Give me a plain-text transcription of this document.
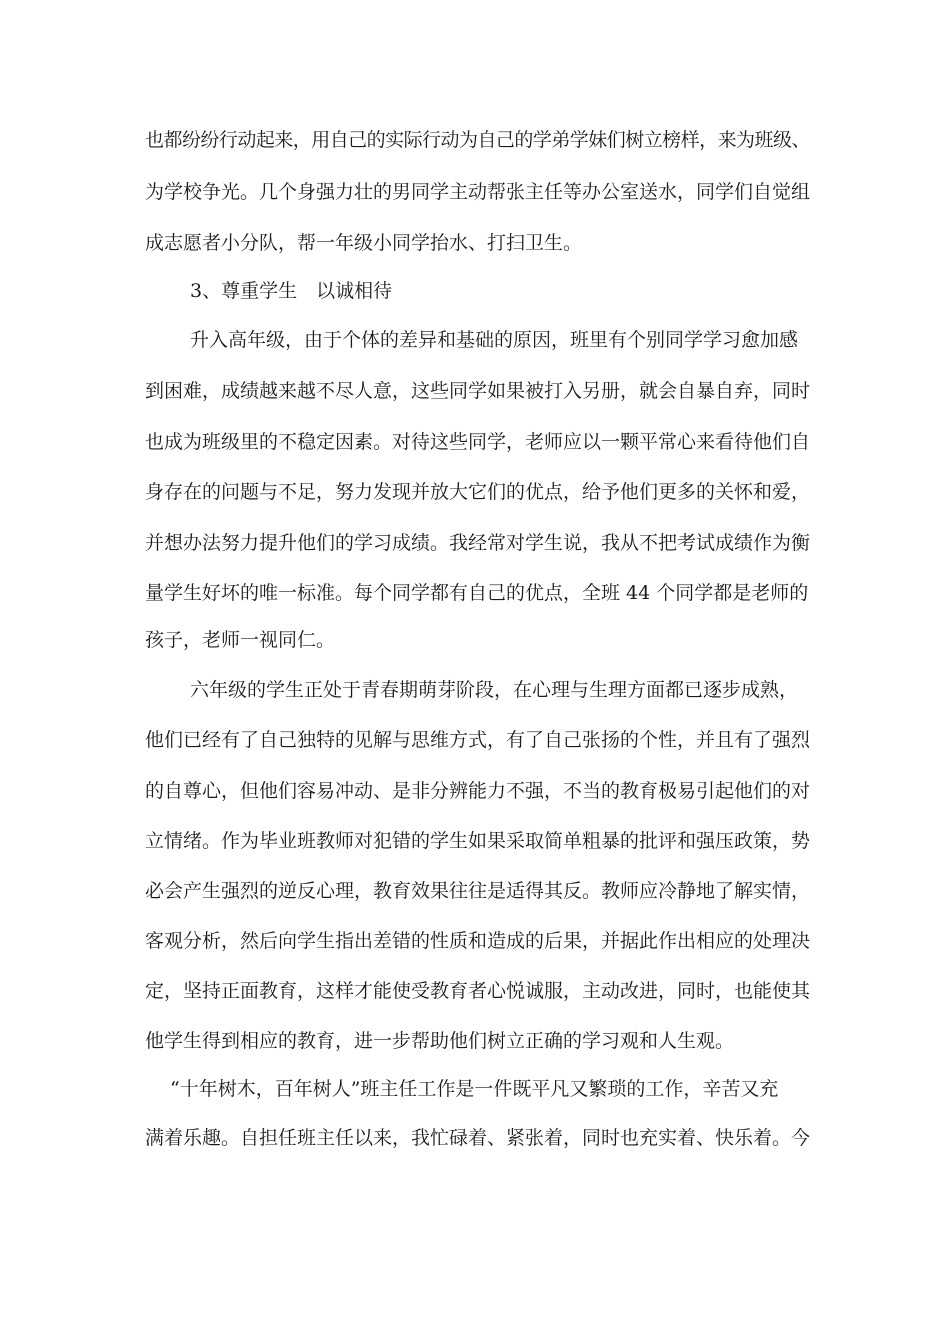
也都纷纷行动起来，用自己的实际行动为自己的学弟学妹们树立榜样，来为班级、
为学校争光。几个身强力壮的男同学主动帮张主任等办公室送水，同学们自觉组
成志愿者小分队，帮一年级小同学抬水、打扫卫生。
3、尊重学生　以诚相待
升入高年级，由于个体的差异和基础的原因，班里有个别同学学习愈加感
到困难，成绩越来越不尽人意，这些同学如果被打入另册，就会自暴自弃，同时
也成为班级里的不稳定因素。对待这些同学，老师应以一颗平常心来看待他们自
身存在的问题与不足，努力发现并放大它们的优点，给予他们更多的关怀和爱，
并想办法努力提升他们的学习成绩。我经常对学生说，我从不把考试成绩作为衡
量学生好坏的唯一标准。每个同学都有自己的优点，全班 44 个同学都是老师的
孩子，老师一视同仁。
六年级的学生正处于青春期萌芽阶段，在心理与生理方面都已逐步成熟，
他们已经有了自己独特的见解与思维方式，有了自己张扬的个性，并且有了强烈
的自尊心，但他们容易冲动、是非分辨能力不强，不当的教育极易引起他们的对
立情绪。作为毕业班教师对犯错的学生如果采取简单粗暴的批评和强压政策，势
必会产生强烈的逆反心理，教育效果往往是适得其反。教师应冷静地了解实情，
客观分析，然后向学生指出差错的性质和造成的后果，并据此作出相应的处理决
定，坚持正面教育，这样才能使受教育者心悦诚服，主动改进，同时，也能使其
他学生得到相应的教育，进一步帮助他们树立正确的学习观和人生观。
“十年树木，百年树人”班主任工作是一件既平凡又繁琐的工作，辛苦又充
满着乐趣。自担任班主任以来，我忙碌着、紧张着，同时也充实着、快乐着。今
